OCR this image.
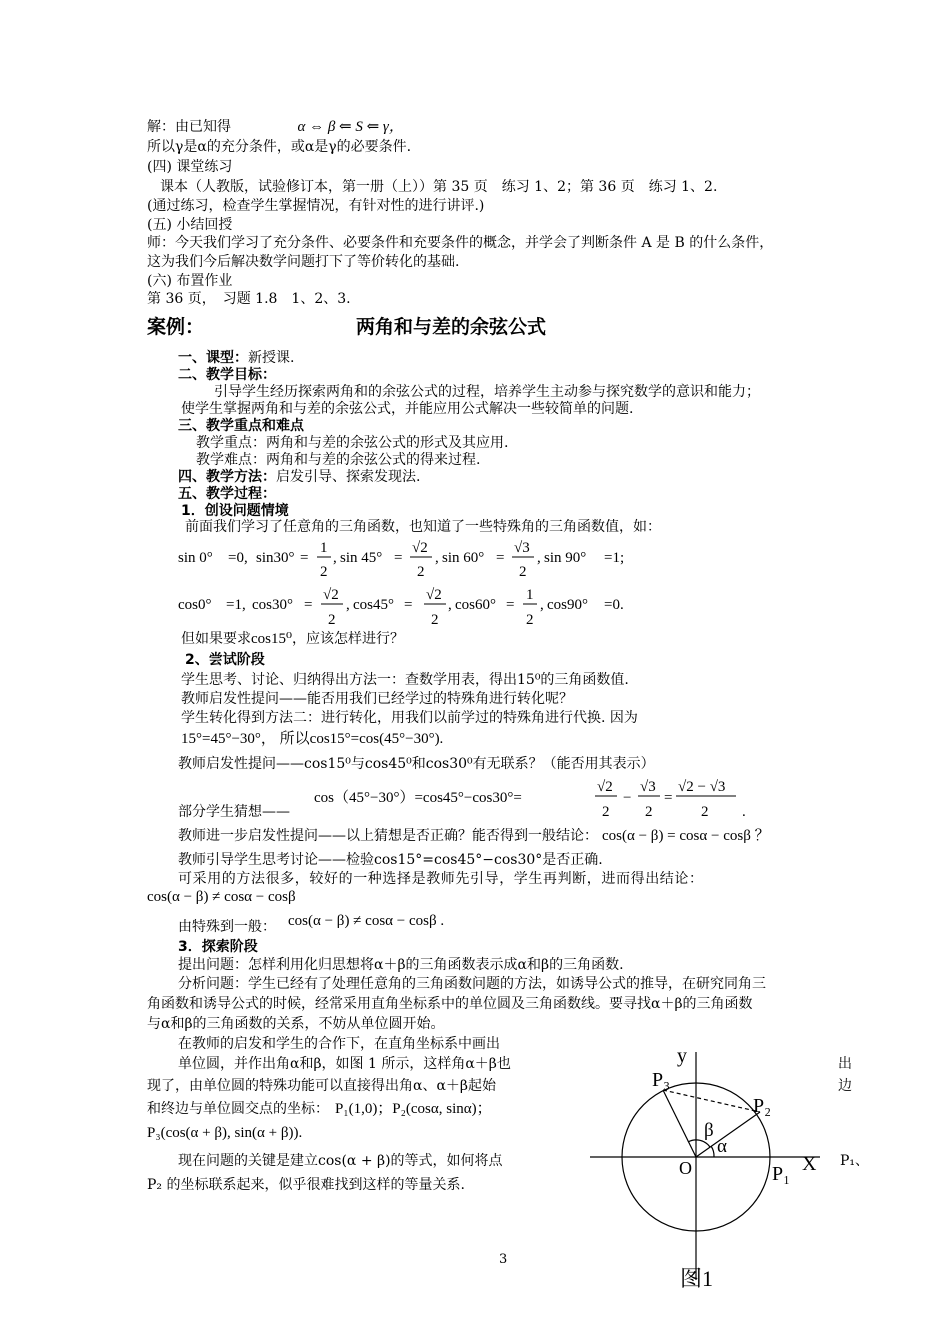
解：由已知得	α ⇔ β ⇐ S ⇐ γ，
所以γ是α的充分条件，或α是γ的必要条件.
(四) 课堂练习
课本（人教版，试验修订本，第一册（上））第 35 页　练习 1、2；第 36 页　练习 1、2.
(通过练习，检查学生掌握情况，有针对性的进行讲评.)
(五) 小结回授
师：今天我们学习了充分条件、必要条件和充要条件的概念，并学会了判断条件 A 是 B 的什么条件，
这为我们今后解决数学问题打下了等价转化的基础.
(六) 布置作业
第 36 页，　习题 1.8　1、2、3.
案例：	两角和与差的余弦公式
一、课型：新授课.
二、教学目标：
引导学生经历探索两角和的余弦公式的过程，培养学生主动参与探究数学的意识和能力；
使学生掌握两角和与差的余弦公式，并能应用公式解决一些较简单的问题.
三、教学重点和难点
教学重点：两角和与差的余弦公式的形式及其应用.
教学难点：两角和与差的余弦公式的得来过程.
四、教学方法：启发引导、探索发现法.
五、教学过程：
1．创设问题情境
前面我们学习了任意角的三角函数，也知道了一些特殊角的三角函数值，如：
sin 0° =0, sin30° =
1
2
, sin 45° =
√2
2
, sin 60° =
√3
2
, sin 90° =1;
cos0° =1, cos30° =
√2
2
, cos45° =
√2
2
, cos60° =
1
2
, cos90° =0.
但如果要求cos15⁰，应该怎样进行？
2、尝试阶段
学生思考、讨论、归纳得出方法一：查数学用表，得出15⁰的三角函数值.
教师启发性提问——能否用我们已经学过的特殊角进行转化呢？
学生转化得到方法二：进行转化，用我们以前学过的特殊角进行代换. 因为
15°=45°−30°， 所以cos15°=cos(45°−30°).
教师启发性提问——cos15⁰与cos45⁰和cos30⁰有无联系？（能否用其表示）
部分学生猜想——
cos（45°−30°）=cos45°−cos30°=
√2
2
−
√3
2
=
√2 − √3
2 .
教师进一步启发性提问——以上猜想是否正确？能否得到一般结论： cos(α − β) = cosα − cosβ ？
教师引导学生思考讨论——检验cos15°=cos45°−cos30°是否正确.
可采用的方法很多，较好的一种选择是教师先引导，学生再判断，进而得出结论：
cos(α − β) ≠ cosα − cosβ
由特殊到一般： cos(α − β) ≠ cosα − cosβ .
3．探索阶段
提出问题：怎样利用化归思想将α＋β的三角函数表示成α和β的三角函数.
分析问题：学生已经有了处理任意角的三角函数问题的方法，如诱导公式的推导，在研究同角三
角函数和诱导公式的时候，经常采用直角坐标系中的单位圆及三角函数线。要寻找α＋β的三角函数
与α和β的三角函数的关系，不妨从单位圆开始。
在教师的启发和学生的合作下，在直角坐标系中画出
单位圆，并作出角α和β，如图 1 所示，这样角α＋β也
现了，由单位圆的特殊功能可以直接得出角α、α＋β起始
和终边与单位圆交点的坐标： P₁(1,0)；P₂(cosα, sinα)；
P₃(cos(α + β), sin(α + β)).
现在问题的关键是建立cos(α + β)的等式，如何将点
P₂ 的坐标联系起来，似乎很难找到这样的等量关系.
出
边
P₁、
3
y
X
O
P₃
P₂
P₁
α
β
图1
